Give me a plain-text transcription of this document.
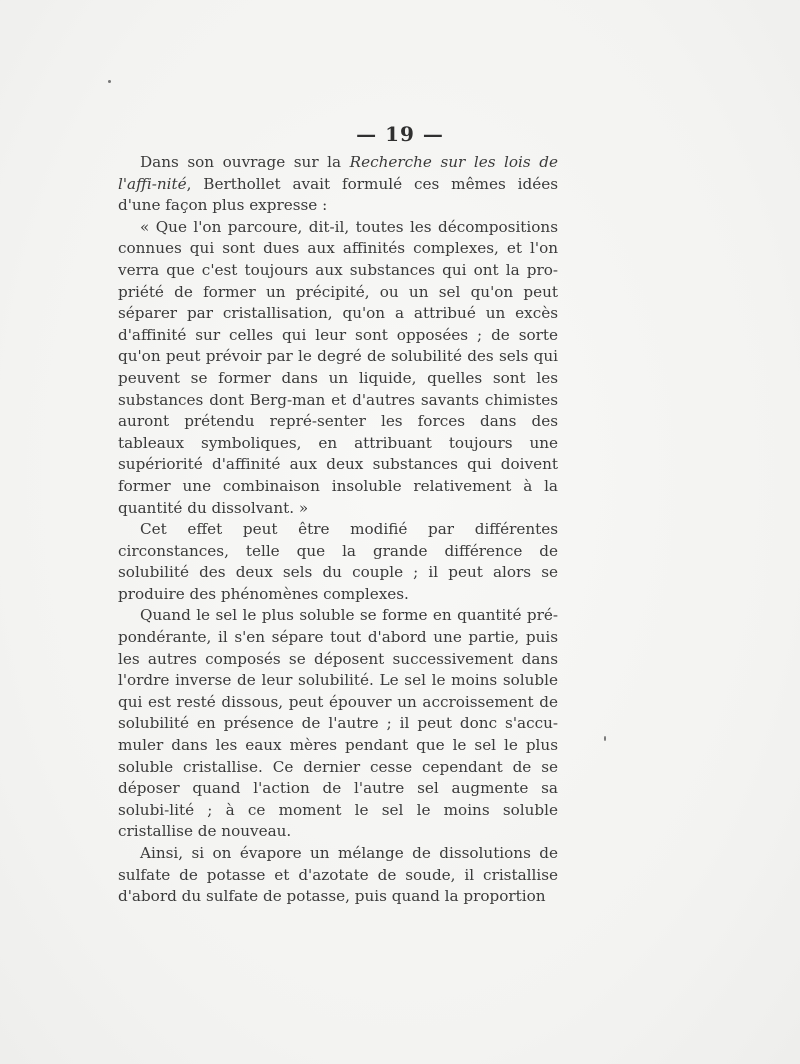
— 19 —

Dans son ouvrage sur la Recherche sur les lois de l'affi-nité, Berthollet avait formulé ces mêmes idées d'une façon plus expresse :

« Que l'on parcoure, dit-il, toutes les décompositions connues qui sont dues aux affinités complexes, et l'on verra que c'est toujours aux substances qui ont la pro-priété de former un précipité, ou un sel qu'on peut séparer par cristallisation, qu'on a attribué un excès d'affinité sur celles qui leur sont opposées ; de sorte qu'on peut prévoir par le degré de solubilité des sels qui peuvent se former dans un liquide, quelles sont les substances dont Berg-man et d'autres savants chimistes auront prétendu repré-senter les forces dans des tableaux symboliques, en attribuant toujours une supériorité d'affinité aux deux substances qui doivent former une combinaison insoluble relativement à la quantité du dissolvant. »

Cet effet peut être modifié par différentes circonstances, telle que la grande différence de solubilité des deux sels du couple ; il peut alors se produire des phénomènes complexes.

Quand le sel le plus soluble se forme en quantité pré-pondérante, il s'en sépare tout d'abord une partie, puis les autres composés se déposent successivement dans l'ordre inverse de leur solubilité. Le sel le moins soluble qui est resté dissous, peut épouver un accroissement de solubilité en présence de l'autre ; il peut donc s'accu-muler dans les eaux mères pendant que le sel le plus soluble cristallise. Ce dernier cesse cependant de se déposer quand l'action de l'autre sel augmente sa solubi-lité ; à ce moment le sel le moins soluble cristallise de nouveau.

Ainsi, si on évapore un mélange de dissolutions de sulfate de potasse et d'azotate de soude, il cristallise d'abord du sulfate de potasse, puis quand la proportion
